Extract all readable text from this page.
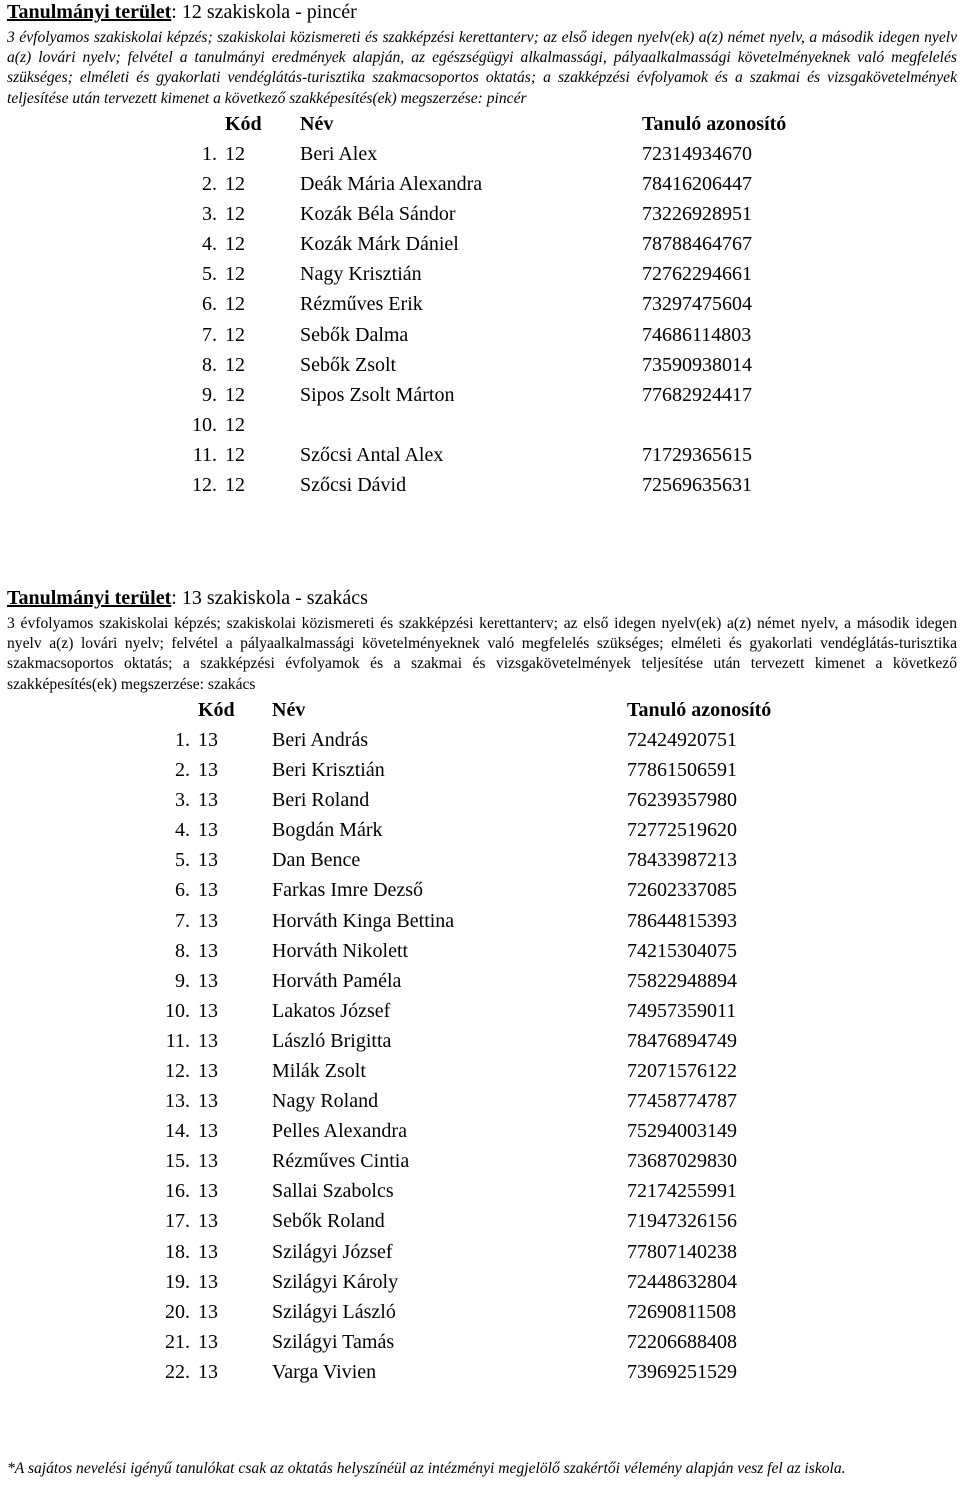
Tanulmányi terület: 12 szakiskola - pincér
3 évfolyamos szakiskolai képzés; szakiskolai közismereti és szakképzési kerettanterv; az első idegen nyelv(ek) a(z) német nyelv, a második idegen nyelv a(z) lovári nyelv; felvétel a tanulmányi eredmények alapján, az egészségügyi alkalmassági, pályaalkalmassági követelményeknek való megfelelés szükséges; elméleti és gyakorlati vendéglátás-turisztika szakmacsoportos oktatás; a szakképzési évfolyamok és a szakmai és vizsgakövetelmények teljesítése után tervezett kimenet a következő szakképesítés(ek) megszerzése: pincér
	Kód	Név	Tanuló azonosító
1.	12	Beri Alex	72314934670
2.	12	Deák Mária Alexandra	78416206447
3.	12	Kozák Béla Sándor	73226928951
4.	12	Kozák Márk Dániel	78788464767
5.	12	Nagy Krisztián	72762294661
6.	12	Rézműves Erik	73297475604
7.	12	Sebők Dalma	74686114803
8.	12	Sebők Zsolt	73590938014
9.	12	Sipos Zsolt Márton	77682924417
10.	12		
11.	12	Szőcsi Antal Alex	71729365615
12.	12	Szőcsi Dávid	72569635631
Tanulmányi terület: 13 szakiskola - szakács
3 évfolyamos szakiskolai képzés; szakiskolai közismereti és szakképzési kerettanterv; az első idegen nyelv(ek) a(z) német nyelv, a második idegen nyelv a(z) lovári nyelv; felvétel a pályaalkalmassági követelményeknek való megfelelés szükséges; elméleti és gyakorlati vendéglátás-turisztika szakmacsoportos oktatás; a szakképzési évfolyamok és a szakmai és vizsgakövetelmények teljesítése után tervezett kimenet a következő szakképesítés(ek) megszerzése: szakács
	Kód	Név	Tanuló azonosító
1.	13	Beri András	72424920751
2.	13	Beri Krisztián	77861506591
3.	13	Beri Roland	76239357980
4.	13	Bogdán Márk	72772519620
5.	13	Dan Bence	78433987213
6.	13	Farkas Imre Dezső	72602337085
7.	13	Horváth Kinga Bettina	78644815393
8.	13	Horváth Nikolett	74215304075
9.	13	Horváth Paméla	75822948894
10.	13	Lakatos József	74957359011
11.	13	László Brigitta	78476894749
12.	13	Milák Zsolt	72071576122
13.	13	Nagy Roland	77458774787
14.	13	Pelles Alexandra	75294003149
15.	13	Rézműves Cintia	73687029830
16.	13	Sallai Szabolcs	72174255991
17.	13	Sebők Roland	71947326156
18.	13	Szilágyi József	77807140238
19.	13	Szilágyi Károly	72448632804
20.	13	Szilágyi László	72690811508
21.	13	Szilágyi Tamás	72206688408
22.	13	Varga Vivien	73969251529
*A sajátos nevelési igényű tanulókat csak az oktatás helyszínéül az intézményi megjelölő szakértői vélemény alapján vesz fel az iskola.
